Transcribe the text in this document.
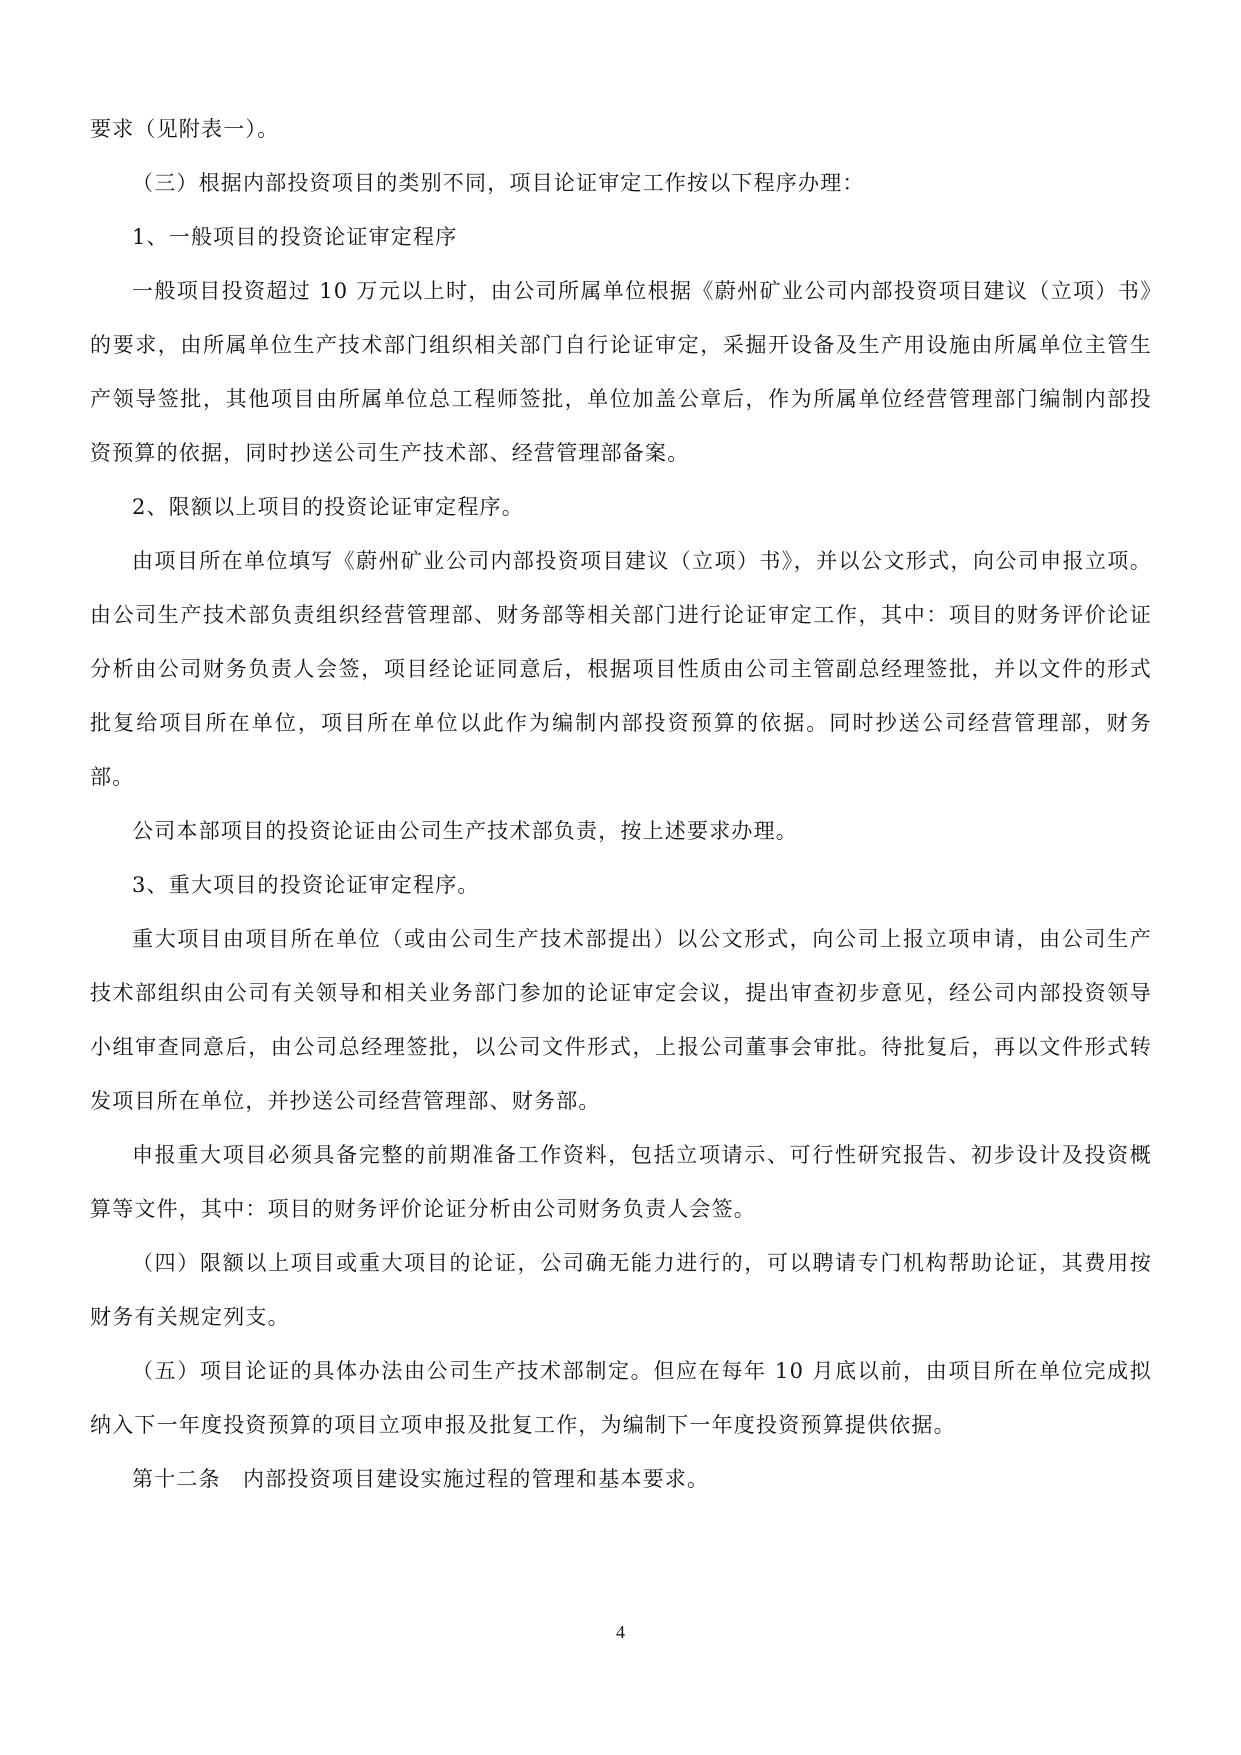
要求（见附表一）。

（三）根据内部投资项目的类别不同，项目论证审定工作按以下程序办理：

1、一般项目的投资论证审定程序

一般项目投资超过 10 万元以上时，由公司所属单位根据《蔚州矿业公司内部投资项目建议（立项）书》的要求，由所属单位生产技术部门组织相关部门自行论证审定，采掘开设备及生产用设施由所属单位主管生产领导签批，其他项目由所属单位总工程师签批，单位加盖公章后，作为所属单位经营管理部门编制内部投资预算的依据，同时抄送公司生产技术部、经营管理部备案。

2、限额以上项目的投资论证审定程序。

由项目所在单位填写《蔚州矿业公司内部投资项目建议（立项）书》，并以公文形式，向公司申报立项。由公司生产技术部负责组织经营管理部、财务部等相关部门进行论证审定工作，其中：项目的财务评价论证分析由公司财务负责人会签，项目经论证同意后，根据项目性质由公司主管副总经理签批，并以文件的形式批复给项目所在单位，项目所在单位以此作为编制内部投资预算的依据。同时抄送公司经营管理部，财务部。

公司本部项目的投资论证由公司生产技术部负责，按上述要求办理。

3、重大项目的投资论证审定程序。

重大项目由项目所在单位（或由公司生产技术部提出）以公文形式，向公司上报立项申请，由公司生产技术部组织由公司有关领导和相关业务部门参加的论证审定会议，提出审查初步意见，经公司内部投资领导小组审查同意后，由公司总经理签批，以公司文件形式，上报公司董事会审批。待批复后，再以文件形式转发项目所在单位，并抄送公司经营管理部、财务部。

申报重大项目必须具备完整的前期准备工作资料，包括立项请示、可行性研究报告、初步设计及投资概算等文件，其中：项目的财务评价论证分析由公司财务负责人会签。

（四）限额以上项目或重大项目的论证，公司确无能力进行的，可以聘请专门机构帮助论证，其费用按财务有关规定列支。

（五）项目论证的具体办法由公司生产技术部制定。但应在每年 10 月底以前，由项目所在单位完成拟纳入下一年度投资预算的项目立项申报及批复工作，为编制下一年度投资预算提供依据。

第十二条　内部投资项目建设实施过程的管理和基本要求。

4
